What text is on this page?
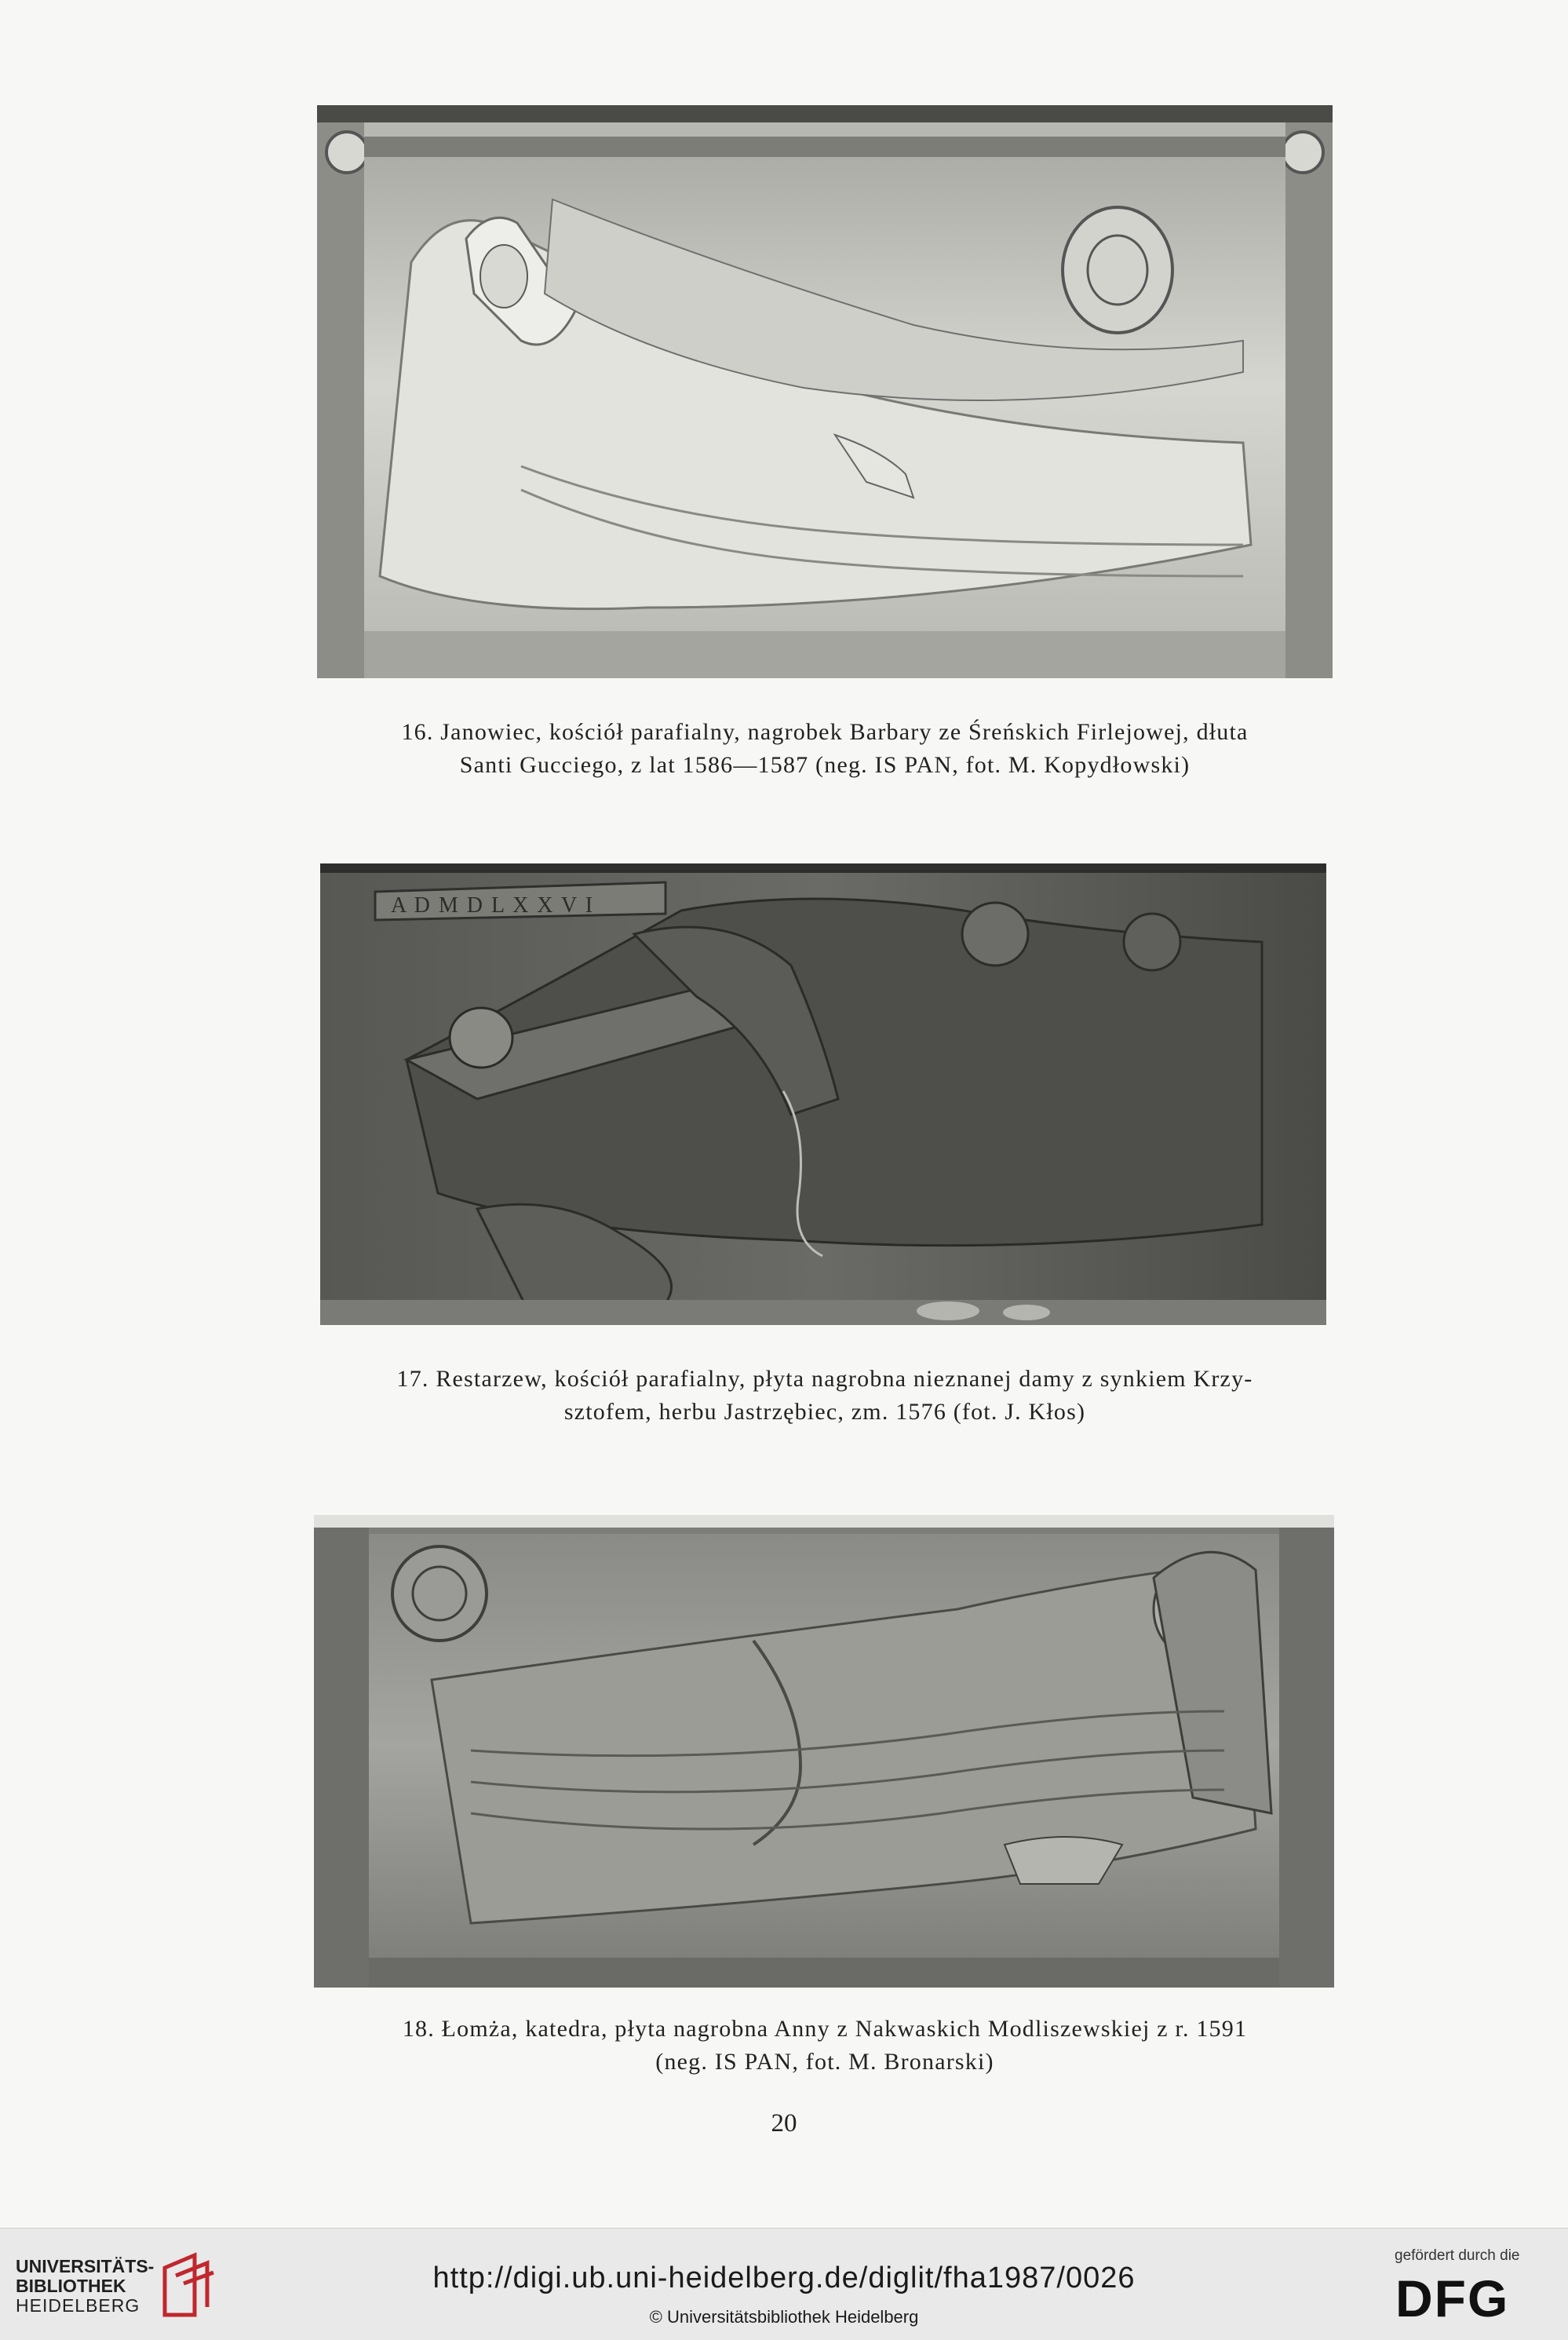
16. Janowiec, kościół parafialny, nagrobek Barbary ze Śreńskich Firlejowej, dłuta
Santi Gucciego, z lat 1586—1587 (neg. IS PAN, fot. M. Kopydłowski)
A D M D L X X V I
17. Restarzew, kościół parafialny, płyta nagrobna nieznanej damy z synkiem Krzy-
sztofem, herbu Jastrzębiec, zm. 1576 (fot. J. Kłos)
18. Łomża, katedra, płyta nagrobna Anny z Nakwaskich Modliszewskiej z r. 1591
(neg. IS PAN, fot. M. Bronarski)
20
UNIVERSITÄTS-
BIBLIOTHEK
HEIDELBERG
http://digi.ub.uni-heidelberg.de/diglit/fha1987/0026
© Universitätsbibliothek Heidelberg
gefördert durch die
DFG
